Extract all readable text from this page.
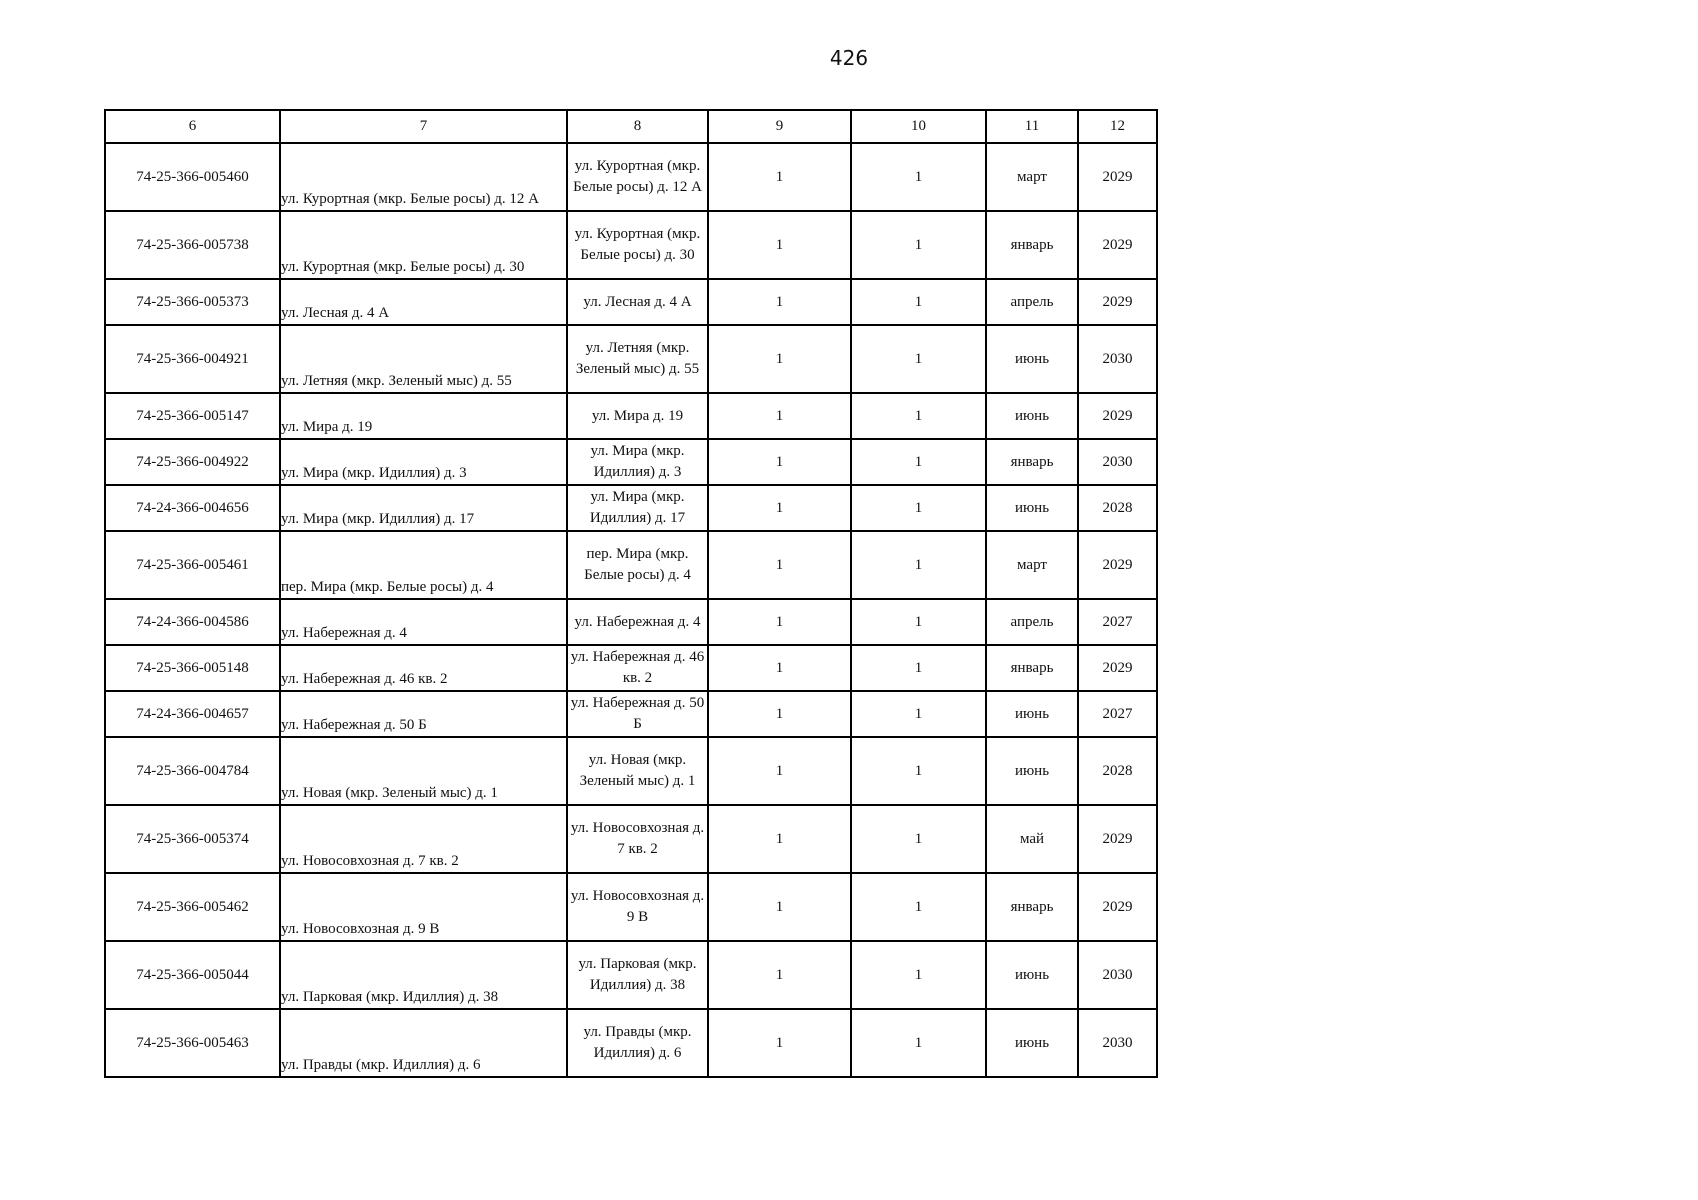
426
6	7	8	9	10	11	12
74-25-366-005460	ул. Курортная (мкр. Белые росы) д. 12 А	ул. Курортная (мкр. Белые росы) д. 12 А	1	1	март	2029
74-25-366-005738	ул. Курортная (мкр. Белые росы) д. 30	ул. Курортная (мкр. Белые росы) д. 30	1	1	январь	2029
74-25-366-005373	ул. Лесная д. 4 А	ул. Лесная д. 4 А	1	1	апрель	2029
74-25-366-004921	ул. Летняя (мкр. Зеленый мыс) д. 55	ул. Летняя (мкр. Зеленый мыс) д. 55	1	1	июнь	2030
74-25-366-005147	ул. Мира д. 19	ул. Мира д. 19	1	1	июнь	2029
74-25-366-004922	ул. Мира (мкр. Идиллия) д. 3	ул. Мира (мкр. Идиллия) д. 3	1	1	январь	2030
74-24-366-004656	ул. Мира (мкр. Идиллия) д. 17	ул. Мира (мкр. Идиллия) д. 17	1	1	июнь	2028
74-25-366-005461	пер. Мира (мкр. Белые росы) д. 4	пер. Мира (мкр. Белые росы) д. 4	1	1	март	2029
74-24-366-004586	ул. Набережная д. 4	ул. Набережная д. 4	1	1	апрель	2027
74-25-366-005148	ул. Набережная д. 46 кв. 2	ул. Набережная д. 46 кв. 2	1	1	январь	2029
74-24-366-004657	ул. Набережная д. 50 Б	ул. Набережная д. 50 Б	1	1	июнь	2027
74-25-366-004784	ул. Новая (мкр. Зеленый мыс) д. 1	ул. Новая (мкр. Зеленый мыс) д. 1	1	1	июнь	2028
74-25-366-005374	ул. Новосовхозная д. 7 кв. 2	ул. Новосовхозная д. 7 кв. 2	1	1	май	2029
74-25-366-005462	ул. Новосовхозная д. 9 В	ул. Новосовхозная д. 9 В	1	1	январь	2029
74-25-366-005044	ул. Парковая (мкр. Идиллия) д. 38	ул. Парковая (мкр. Идиллия) д. 38	1	1	июнь	2030
74-25-366-005463	ул. Правды (мкр. Идиллия) д. 6	ул. Правды (мкр. Идиллия) д. 6	1	1	июнь	2030
